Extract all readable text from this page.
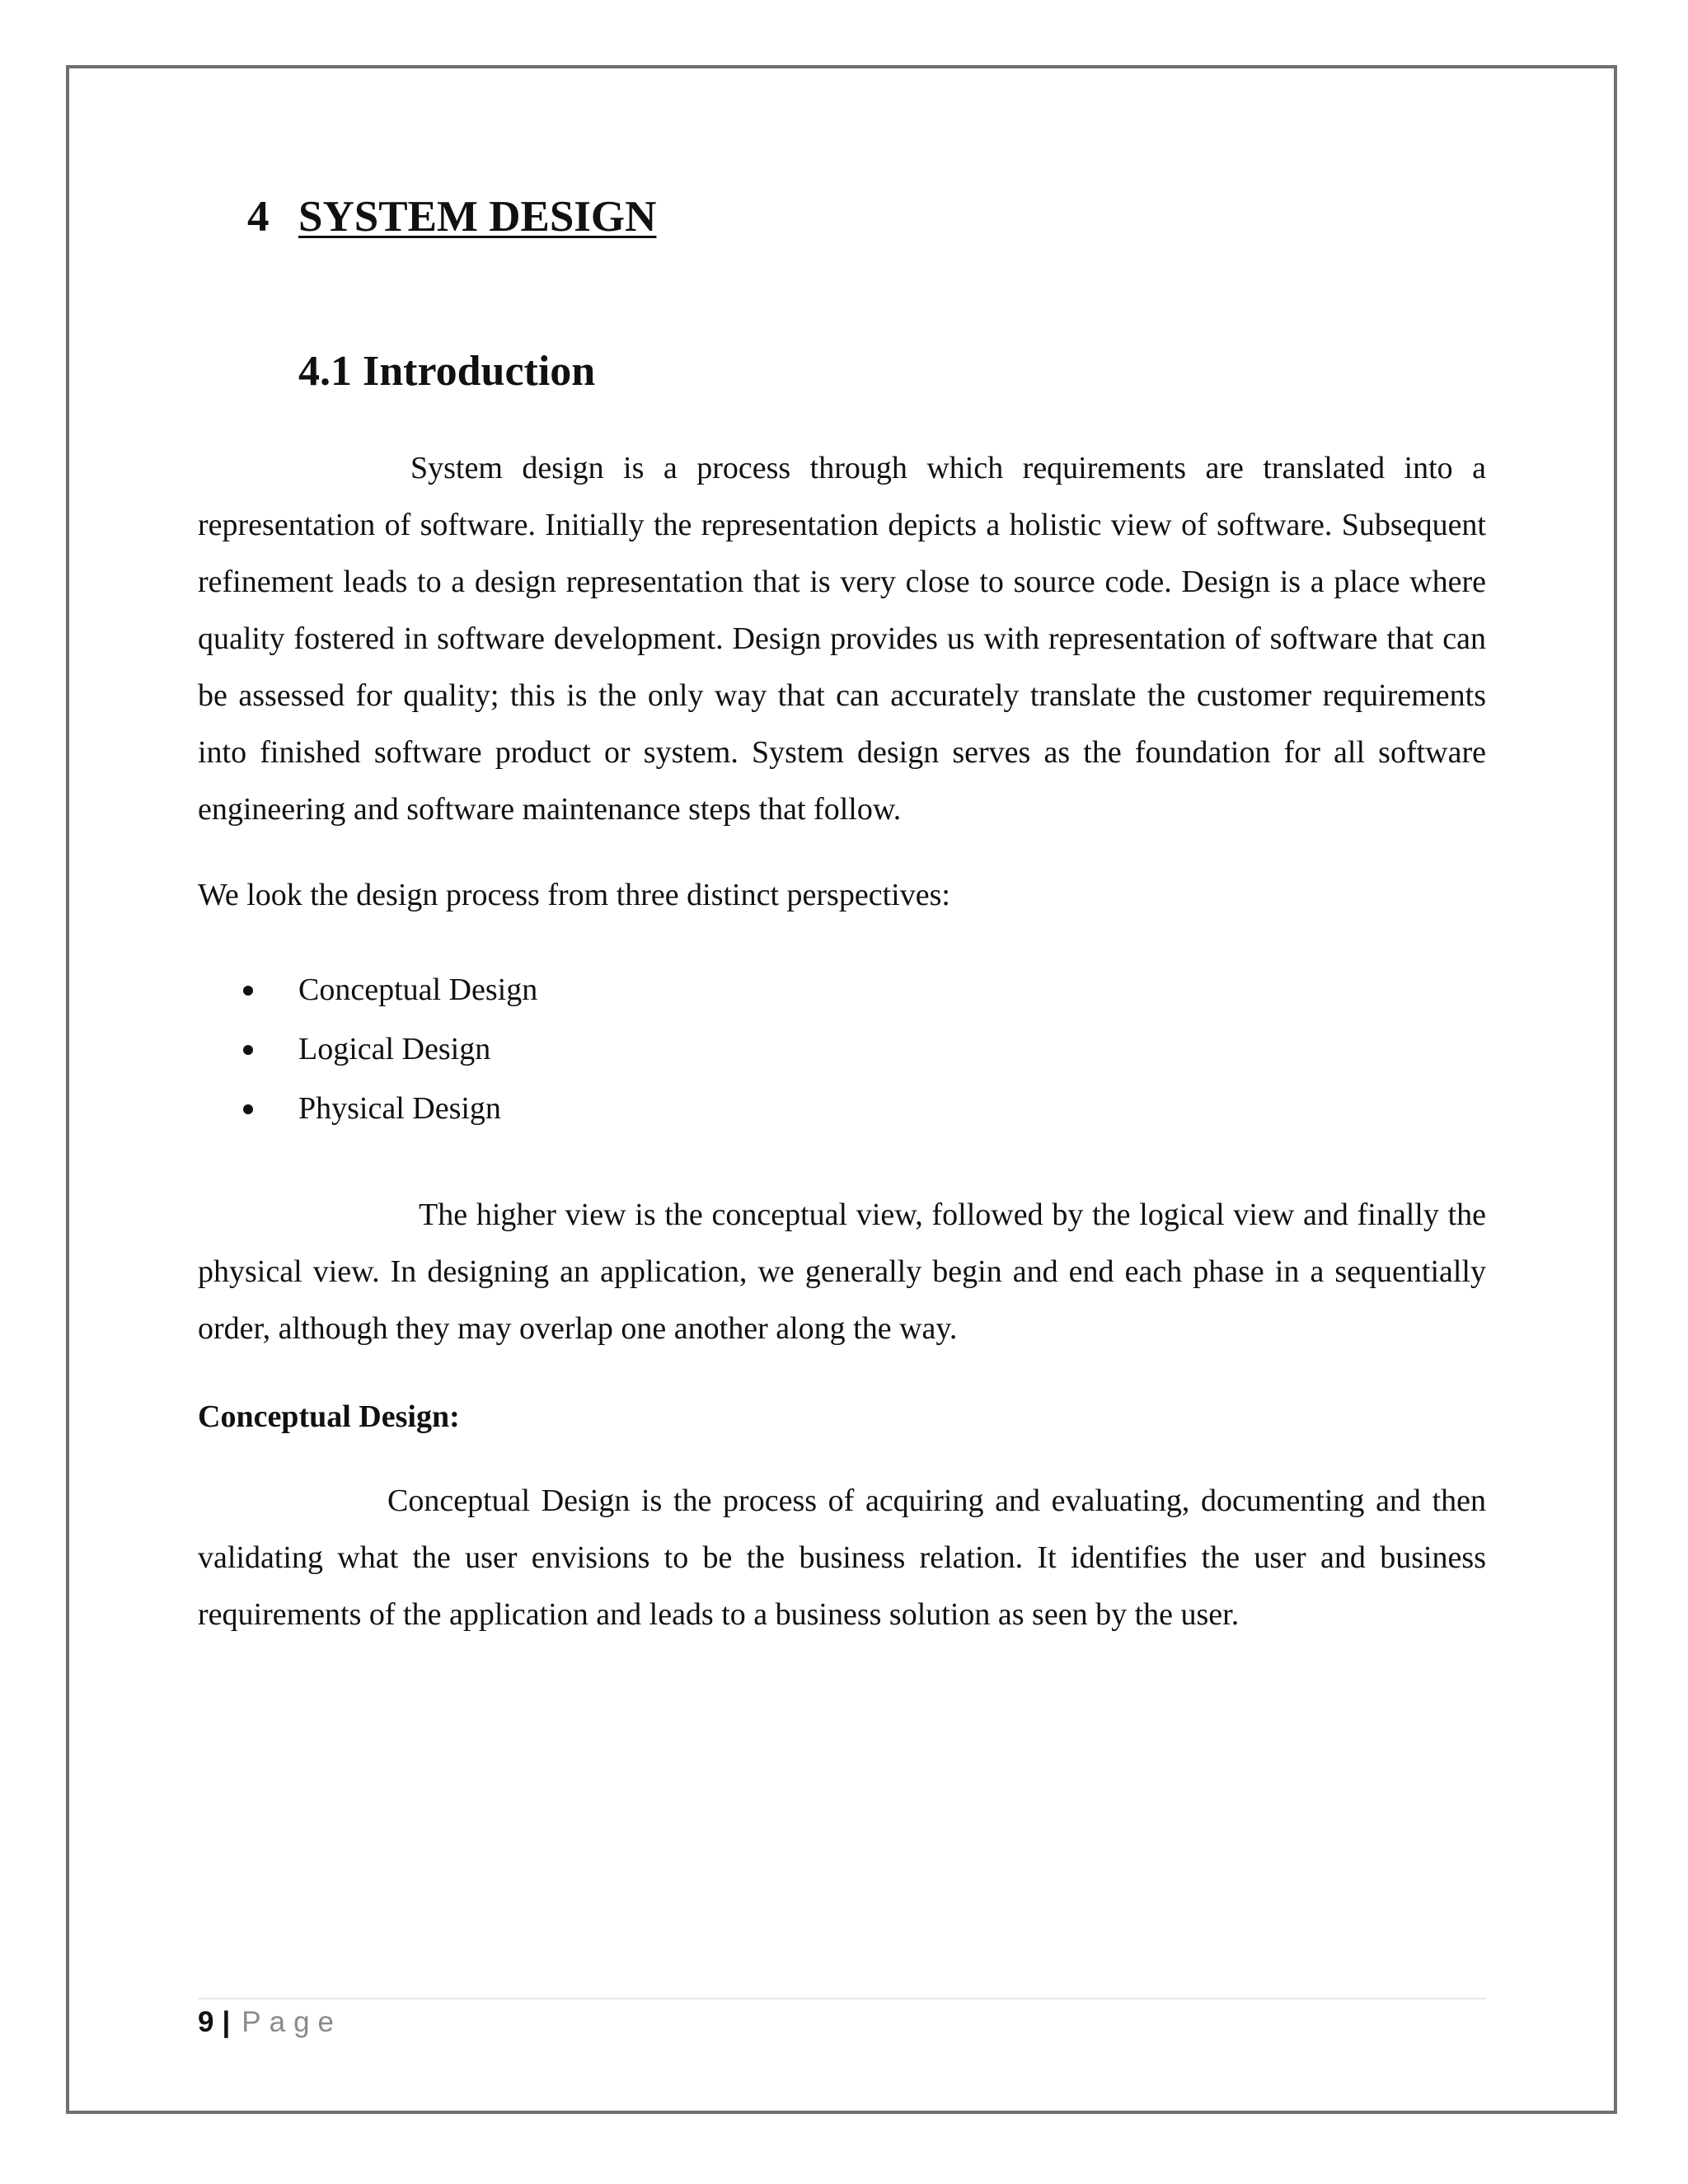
4 SYSTEM DESIGN
4.1 Introduction

System design is a process through which requirements are translated into a representation of software. Initially the representation depicts a holistic view of software. Subsequent refinement leads to a design representation that is very close to source code. Design is a place where quality fostered in software development. Design provides us with representation of software that can be assessed for quality; this is the only way that can accurately translate the customer requirements into finished software product or system. System design serves as the foundation for all software engineering and software maintenance steps that follow.

We look the design process from three distinct perspectives:

Conceptual Design
Logical Design
Physical Design

The higher view is the conceptual view, followed by the logical view and finally the physical view. In designing an application, we generally begin and end each phase in a sequentially order, although they may overlap one another along the way.

Conceptual Design:

Conceptual Design is the process of acquiring and evaluating, documenting and then validating what the user envisions to be the business relation. It identifies the user and business requirements of the application and leads to a business solution as seen by the user.

9 | Page
